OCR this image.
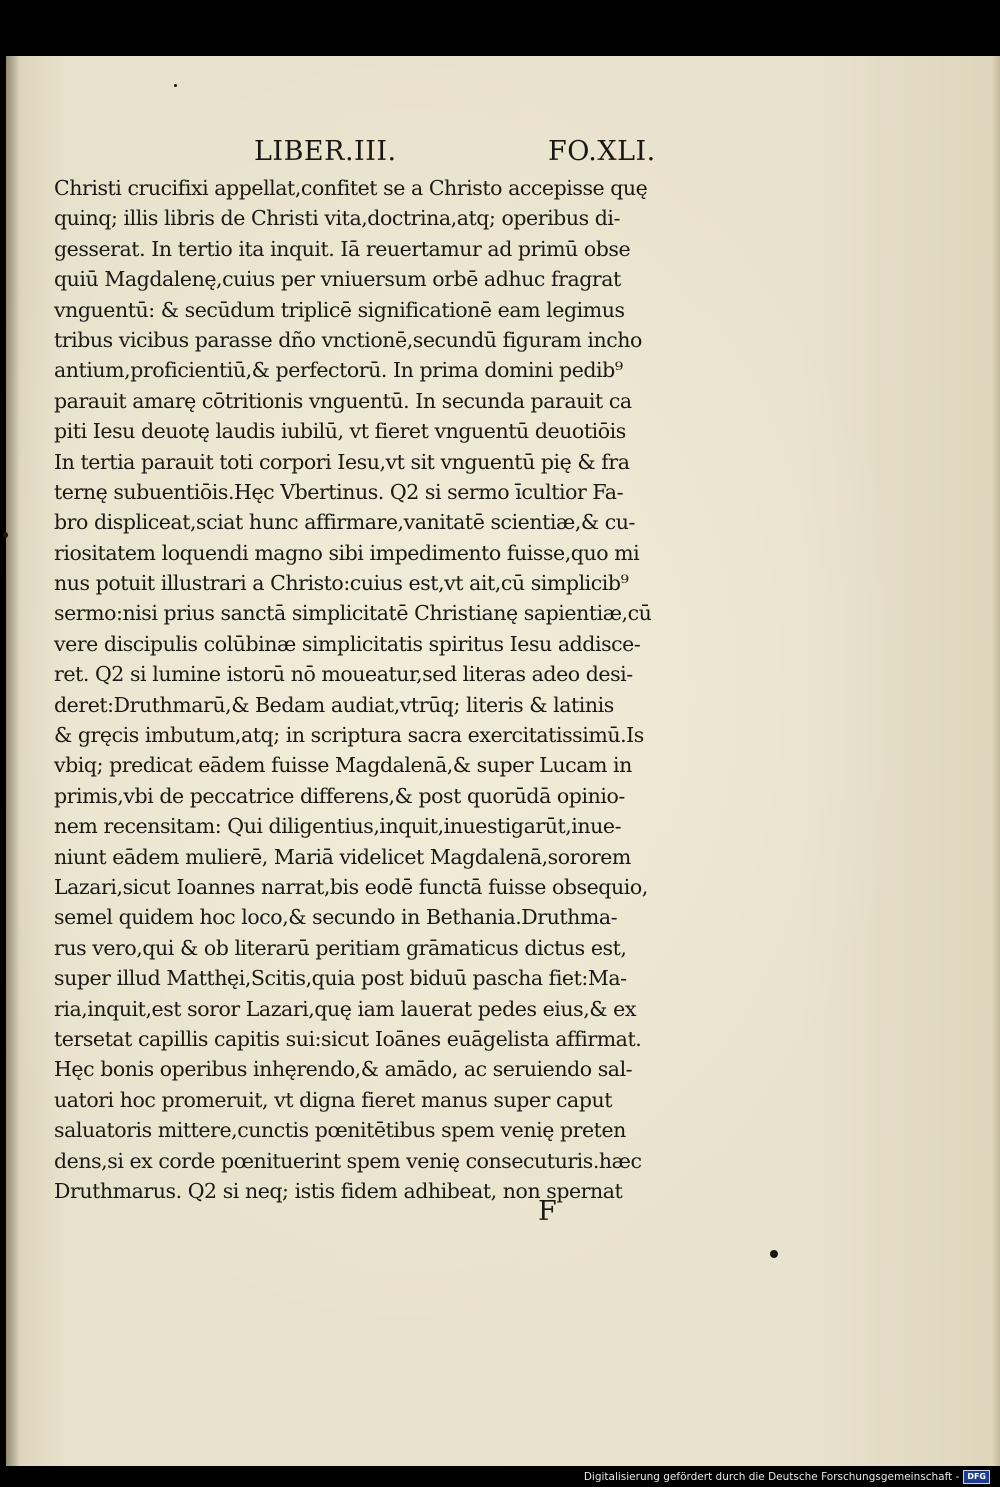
LIBER.III.	FO.XLI.
Christi crucifixi appellat,confitet se a Christo accepisse quę
quinq; illis libris de Christi vita,doctrina,atq; operibus di-
gesserat. In tertio ita inquit. Iā reuertamur ad primū obse
quiū Magdalenę,cuius per vniuersum orbē adhuc fragrat
vnguentū: & secūdum triplicē significationē eam legimus
tribus vicibus parasse dño vnctionē,secundū figuram incho
antium,proficientiū,& perfectorū. In prima domini pedib⁹
parauit amarę cōtritionis vnguentū. In secunda parauit ca
piti Iesu deuotę laudis iubilū, vt fieret vnguentū deuotiōis
In tertia parauit toti corpori Iesu,vt sit vnguentū pię & fra
ternę subuentiōis.Hęc Vbertinus. Q2 si sermo īcultior Fa-
bro displiceat,sciat hunc affirmare,vanitatē scientiæ,& cu-
riositatem loquendi magno sibi impedimento fuisse,quo mi
nus potuit illustrari a Christo:cuius est,vt ait,cū simplicib⁹
sermo:nisi prius sanctā simplicitatē Christianę sapientiæ,cū
vere discipulis colūbinæ simplicitatis spiritus Iesu addisce-
ret. Q2 si lumine istorū nō moueatur,sed literas adeo desi-
deret:Druthmarū,& Bedam audiat,vtrūq; literis & latinis
& gręcis imbutum,atq; in scriptura sacra exercitatissimū.Is
vbiq; predicat eādem fuisse Magdalenā,& super Lucam in
primis,vbi de peccatrice differens,& post quorūdā opinio-
nem recensitam: Qui diligentius,inquit,inuestigarūt,inue-
niunt eādem mulierē, Mariā videlicet Magdalenā,sororem
Lazari,sicut Ioannes narrat,bis eodē functā fuisse obsequio,
semel quidem hoc loco,& secundo in Bethania.Druthma-
rus vero,qui & ob literarū peritiam grāmaticus dictus est,
super illud Matthęi,Scitis,quia post biduū pascha fiet:Ma-
ria,inquit,est soror Lazari,quę iam lauerat pedes eius,& ex
tersetat capillis capitis sui:sicut Ioānes euāgelista affirmat.
Hęc bonis operibus inhęrendo,& amādo, ac seruiendo sal-
uatori hoc promeruit, vt digna fieret manus super caput
saluatoris mittere,cunctis pœnitētibus spem venię preten
dens,si ex corde pœnituerint spem venię consecuturis.hæc
Druthmarus. Q2 si neq; istis fidem adhibeat, non spernat
F
Digitalisierung gefördert durch die Deutsche Forschungsgemeinschaft -	DFG
